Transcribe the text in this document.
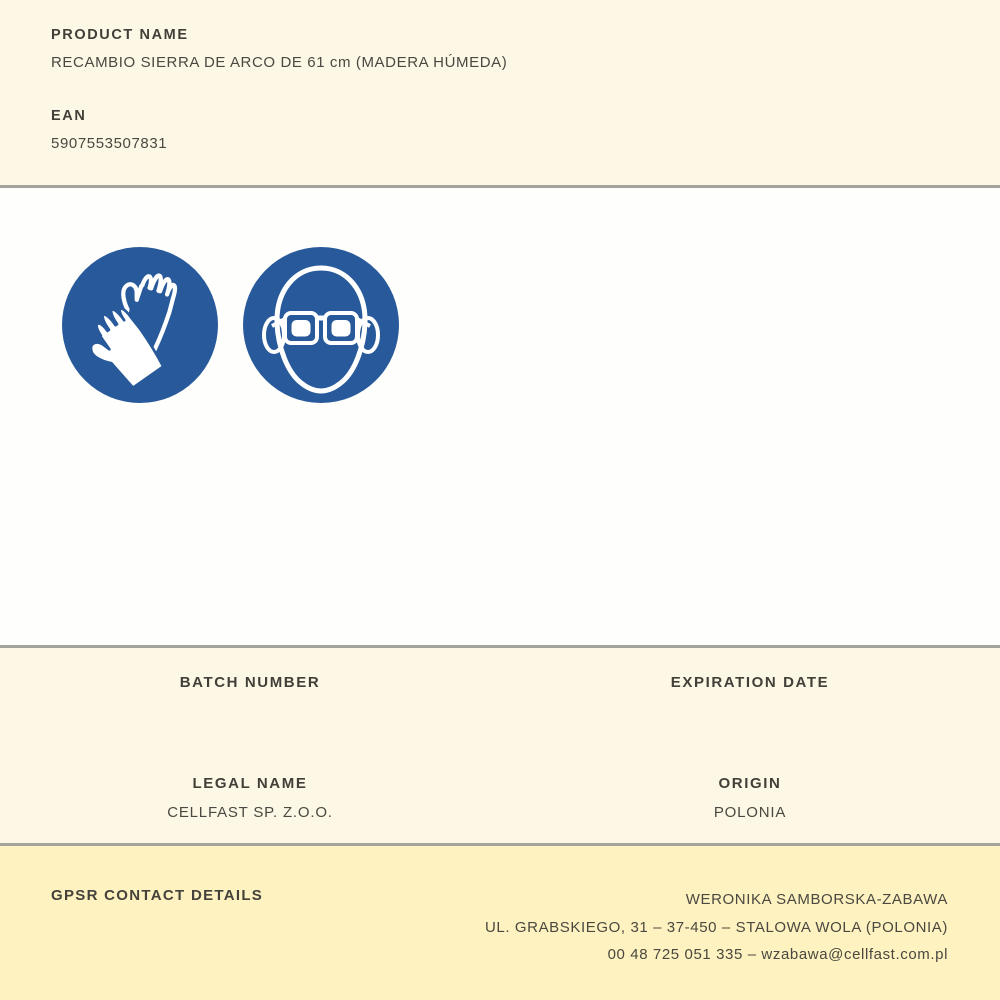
PRODUCT NAME
RECAMBIO SIERRA DE ARCO DE 61 cm (MADERA HÚMEDA)
EAN
5907553507831
BATCH NUMBER	EXPIRATION DATE
LEGAL NAME
CELLFAST SP. Z.O.O.
ORIGIN
POLONIA
GPSR CONTACT DETAILS	WERONIKA SAMBORSKA-ZABAWA
UL. GRABSKIEGO, 31 – 37-450 – STALOWA WOLA (POLONIA)
00 48 725 051 335 – wzabawa@cellfast.com.pl
